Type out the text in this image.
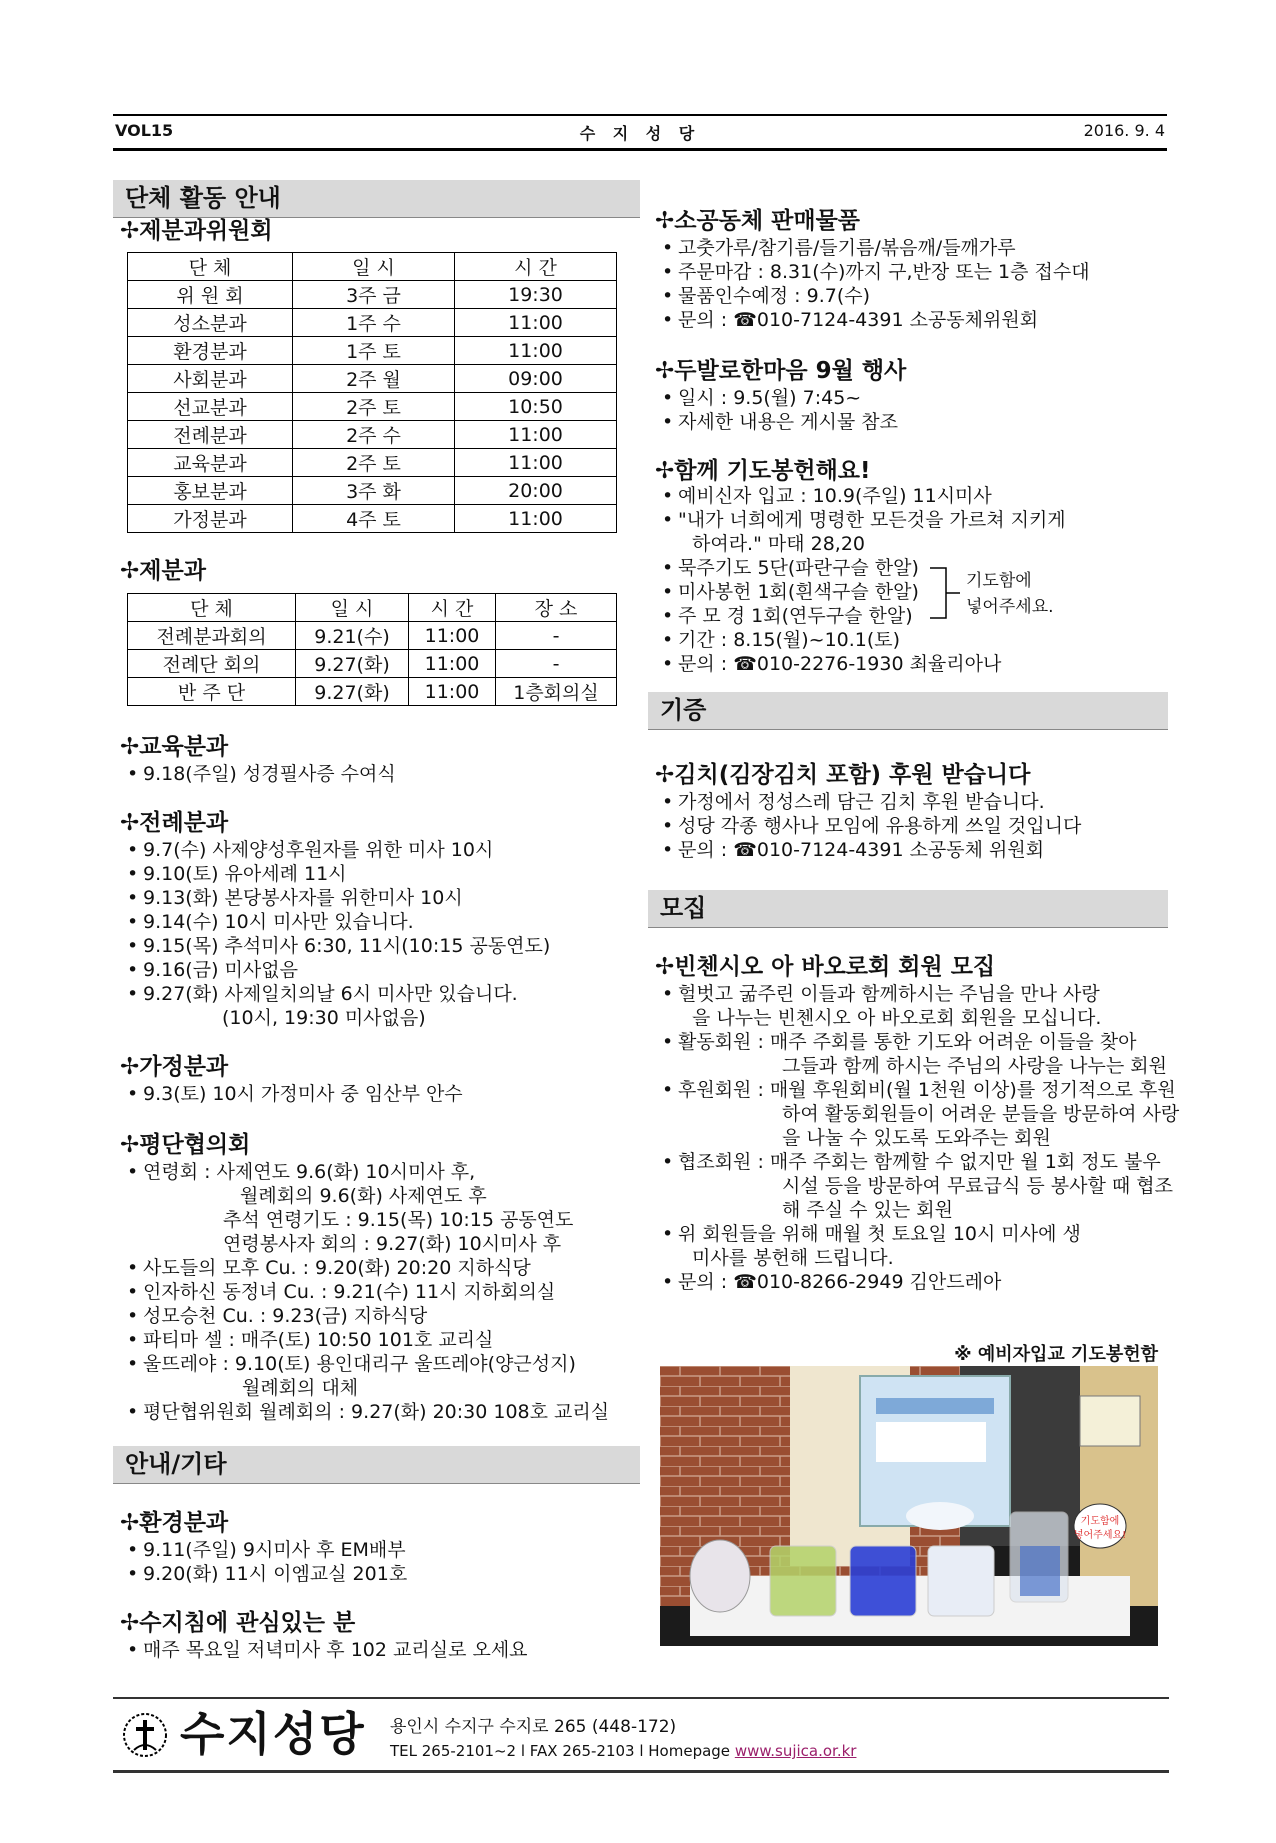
VOL15	수 지 성 당	2016. 9. 4
단체 활동 안내
✢제분과위원회
단 체	일 시	시 간
위 원 회	3주 금	19:30
성소분과	1주 수	11:00
환경분과	1주 토	11:00
사회분과	2주 월	09:00
선교분과	2주 토	10:50
전례분과	2주 수	11:00
교육분과	2주 토	11:00
홍보분과	3주 화	20:00
가정분과	4주 토	11:00
✢제분과
단 체	일 시	시 간	장 소
전례분과회의	9.21(수)	11:00	-
전례단 회의	9.27(화)	11:00	-
반 주 단	9.27(화)	11:00	1층회의실
✢교육분과
• 9.18(주일) 성경필사증 수여식
✢전례분과
• 9.7(수) 사제양성후원자를 위한 미사 10시
• 9.10(토) 유아세례 11시
• 9.13(화) 본당봉사자를 위한미사 10시
• 9.14(수) 10시 미사만 있습니다.
• 9.15(목) 추석미사 6:30, 11시(10:15 공동연도)
• 9.16(금) 미사없음
• 9.27(화) 사제일치의날 6시 미사만 있습니다.
(10시, 19:30 미사없음)
✢가정분과
• 9.3(토) 10시 가정미사 중 임산부 안수
✢평단협의회
• 연령회 : 사제연도 9.6(화) 10시미사 후,
월례회의 9.6(화) 사제연도 후
추석 연령기도 : 9.15(목) 10:15 공동연도
연령봉사자 회의 : 9.27(화) 10시미사 후
• 사도들의 모후 Cu. : 9.20(화) 20:20 지하식당
• 인자하신 동정녀 Cu. : 9.21(수) 11시 지하회의실
• 성모승천 Cu. : 9.23(금) 지하식당
• 파티마 셀 : 매주(토) 10:50 101호 교리실
• 울뜨레야 : 9.10(토) 용인대리구 울뜨레야(양근성지)
월례회의 대체
• 평단협위원회 월례회의 : 9.27(화) 20:30 108호 교리실
안내/기타
✢환경분과
• 9.11(주일) 9시미사 후 EM배부
• 9.20(화) 11시 이엠교실 201호
✢수지침에 관심있는 분
• 매주 목요일 저녁미사 후 102 교리실로 오세요
✢소공동체 판매물품
• 고춧가루/참기름/들기름/볶음깨/들깨가루
• 주문마감 : 8.31(수)까지 구,반장 또는 1층 접수대
• 물품인수예정 : 9.7(수)
• 문의 : ☎010-7124-4391 소공동체위원회
✢두발로한마음 9월 행사
• 일시 : 9.5(월) 7:45~
• 자세한 내용은 게시물 참조
✢함께 기도봉헌해요!
• 예비신자 입교 : 10.9(주일) 11시미사
• "내가 너희에게 명령한 모든것을 가르쳐 지키게
하여라." 마태 28,20
• 묵주기도 5단(파란구슬 한알)
• 미사봉헌 1회(흰색구슬 한알)
• 주 모 경 1회(연두구슬 한알)
기도함에
넣어주세요.
• 기간 : 8.15(월)~10.1(토)
• 문의 : ☎010-2276-1930 최율리아나
기증
✢김치(김장김치 포함) 후원 받습니다
• 가정에서 정성스레 담근 김치 후원 받습니다.
• 성당 각종 행사나 모임에 유용하게 쓰일 것입니다
• 문의 : ☎010-7124-4391 소공동체 위원회
모집
✢빈첸시오 아 바오로회 회원 모집
• 헐벗고 굶주린 이들과 함께하시는 주님을 만나 사랑
을 나누는 빈첸시오 아 바오로회 회원을 모십니다.
• 활동회원 : 매주 주회를 통한 기도와 어려운 이들을 찾아
그들과 함께 하시는 주님의 사랑을 나누는 회원
• 후원회원 : 매월 후원회비(월 1천원 이상)를 정기적으로 후원
하여 활동회원들이 어려운 분들을 방문하여 사랑
을 나눌 수 있도록 도와주는 회원
• 협조회원 : 매주 주회는 함께할 수 없지만 월 1회 정도 불우
시설 등을 방문하여 무료급식 등 봉사할 때 협조
해 주실 수 있는 회원
• 위 회원들을 위해 매월 첫 토요일 10시 미사에 생
미사를 봉헌해 드립니다.
• 문의 : ☎010-8266-2949 김안드레아
※ 예비자입교 기도봉헌함
기도함에
넣어주세요!
수지성당 용인시 수지구 수지로 265 (448-172)
TEL 265-2101~2 l FAX 265-2103 l Homepage www.sujica.or.kr
